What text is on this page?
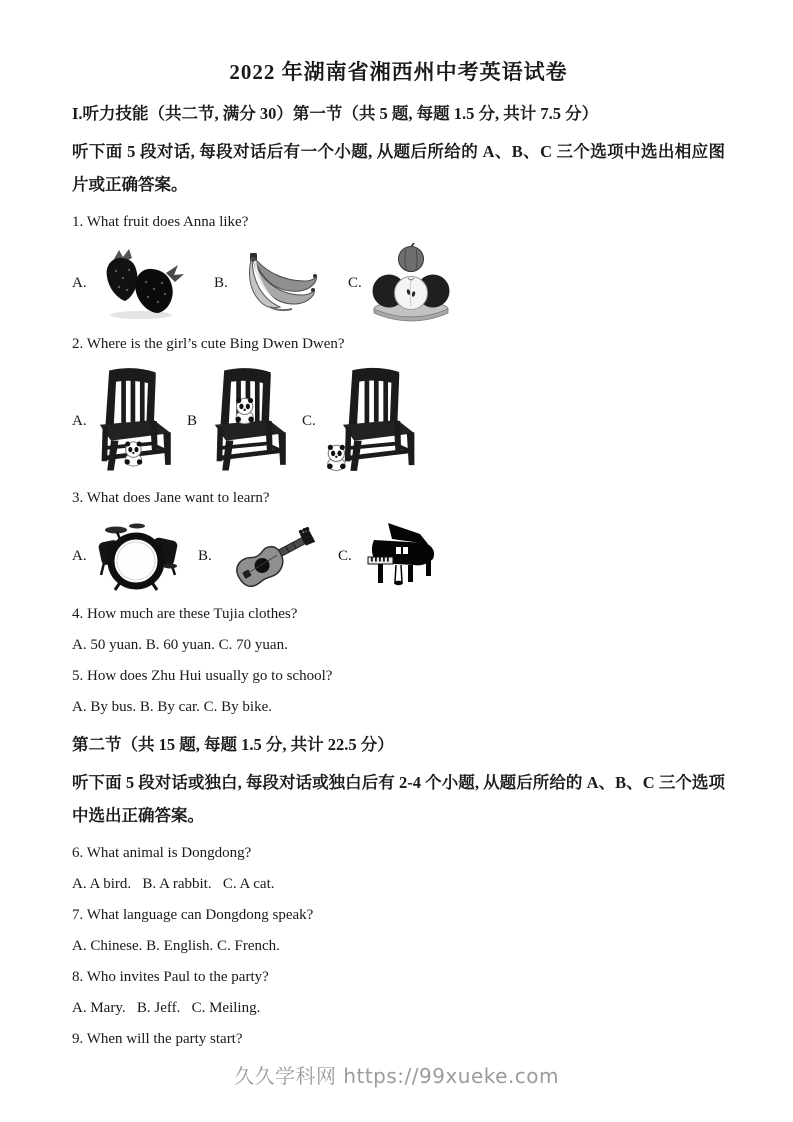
2022 年湖南省湘西州中考英语试卷
I.听力技能（共二节, 满分 30）第一节（共 5 题, 每题 1.5 分, 共计 7.5 分）
听下面 5 段对话, 每段对话后有一个小题, 从题后所给的 A、B、C 三个选项中选出相应图片或正确答案。
1. What fruit does Anna like?
A.	B.	C.
2. Where is the girl’s cute Bing Dwen Dwen?
A.	B	C.
3. What does Jane want to learn?
A.	B.	C.
4. How much are these Tujia clothes?
A. 50 yuan. B. 60 yuan. C. 70 yuan.
5. How does Zhu Hui usually go to school?
A. By bus. B. By car. C. By bike.
第二节（共 15 题, 每题 1.5 分, 共计 22.5 分）
听下面 5 段对话或独白, 每段对话或独白后有 2-4 个小题, 从题后所给的 A、B、C 三个选项中选出正确答案。
6. What animal is Dongdong?
A. A bird.   B. A rabbit.   C. A cat.
7. What language can Dongdong speak?
A. Chinese. B. English. C. French.
8. Who invites Paul to the party?
A. Mary.   B. Jeff.   C. Meiling.
9. When will the party start?
久久学科网 https://99xueke.com
